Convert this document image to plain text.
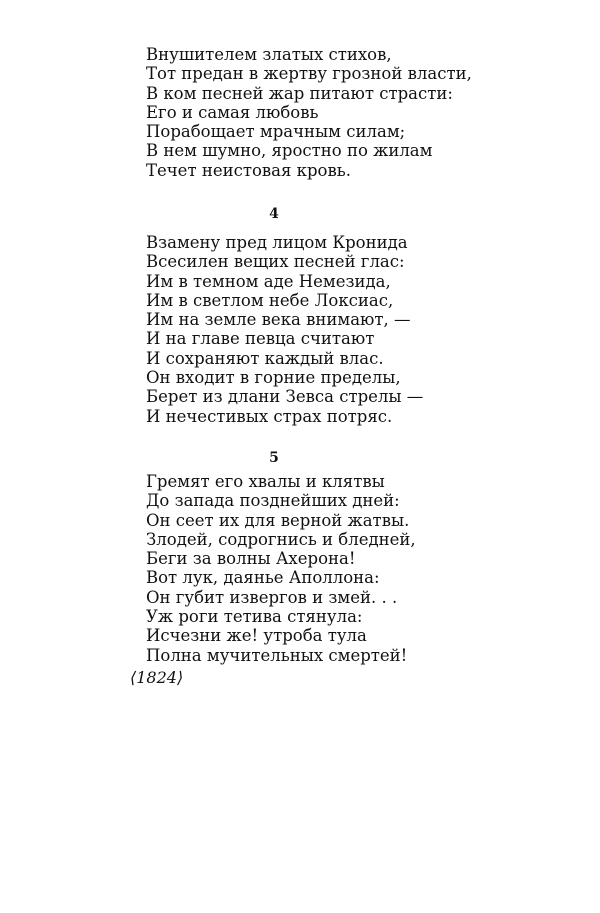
Внушителем златых стихов,
Тот предан в жертву грозной власти,
В ком песней жар питают страсти:
Его и самая любовь
Порабощает мрачным силам;
В нем шумно, яростно по жилам
Течет неистовая кровь.
4
Взамену пред лицом Кронида
Всесилен вещих песней глас:
Им в темном аде Немезида,
Им в светлом небе Локсиас,
Им на земле века внимают, —
И на главе певца считают
И сохраняют каждый влас.
Он входит в горние пределы,
Берет из длани Зевса стрелы —
И нечестивых страх потряс.
5
Гремят его хвалы и клятвы
До запада позднейших дней:
Он сеет их для верной жатвы.
Злодей, содрогнись и бледней,
Беги за волны Ахерона!
Вот лук, даянье Аполлона:
Он губит извергов и змей. . .
Уж роги тетива стянула:
Исчезни же! утроба тула
Полна мучительных смертей!
⟨1824⟩
